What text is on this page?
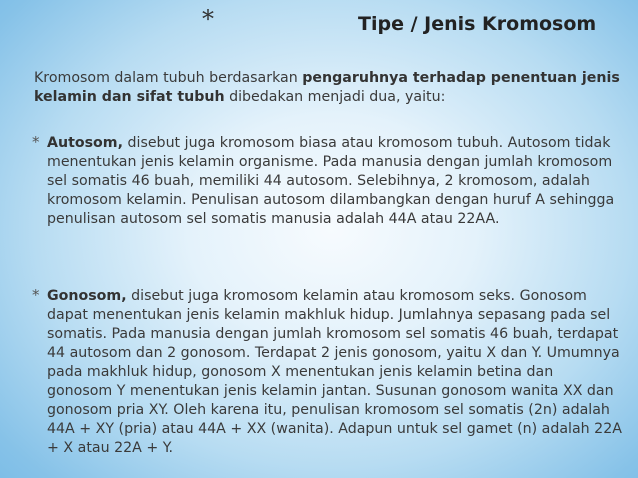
*	Tipe / Jenis Kromosom
Kromosom dalam tubuh berdasarkan pengaruhnya terhadap penentuan jenis kelamin dan sifat tubuh dibedakan menjadi dua, yaitu:
* Autosom, disebut juga kromosom biasa atau kromosom tubuh. Autosom tidak menentukan jenis kelamin organisme. Pada manusia dengan jumlah kromosom sel somatis 46 buah, memiliki 44 autosom. Selebihnya, 2 kromosom, adalah kromosom kelamin. Penulisan autosom dilambangkan dengan huruf A sehingga penulisan autosom sel somatis manusia adalah 44A atau 22AA.
* Gonosom, disebut juga kromosom kelamin atau kromosom seks. Gonosom dapat menentukan jenis kelamin makhluk hidup. Jumlahnya sepasang pada sel somatis. Pada manusia dengan jumlah kromosom sel somatis 46 buah, terdapat 44 autosom dan 2 gonosom. Terdapat 2 jenis gonosom, yaitu X dan Y. Umumnya pada makhluk hidup, gonosom X menentukan jenis kelamin betina dan gonosom Y menentukan jenis kelamin jantan. Susunan gonosom wanita XX dan gonosom pria XY. Oleh karena itu, penulisan kromosom sel somatis (2n) adalah 44A + XY (pria) atau 44A + XX (wanita). Adapun untuk sel gamet (n) adalah 22A + X atau 22A + Y.
